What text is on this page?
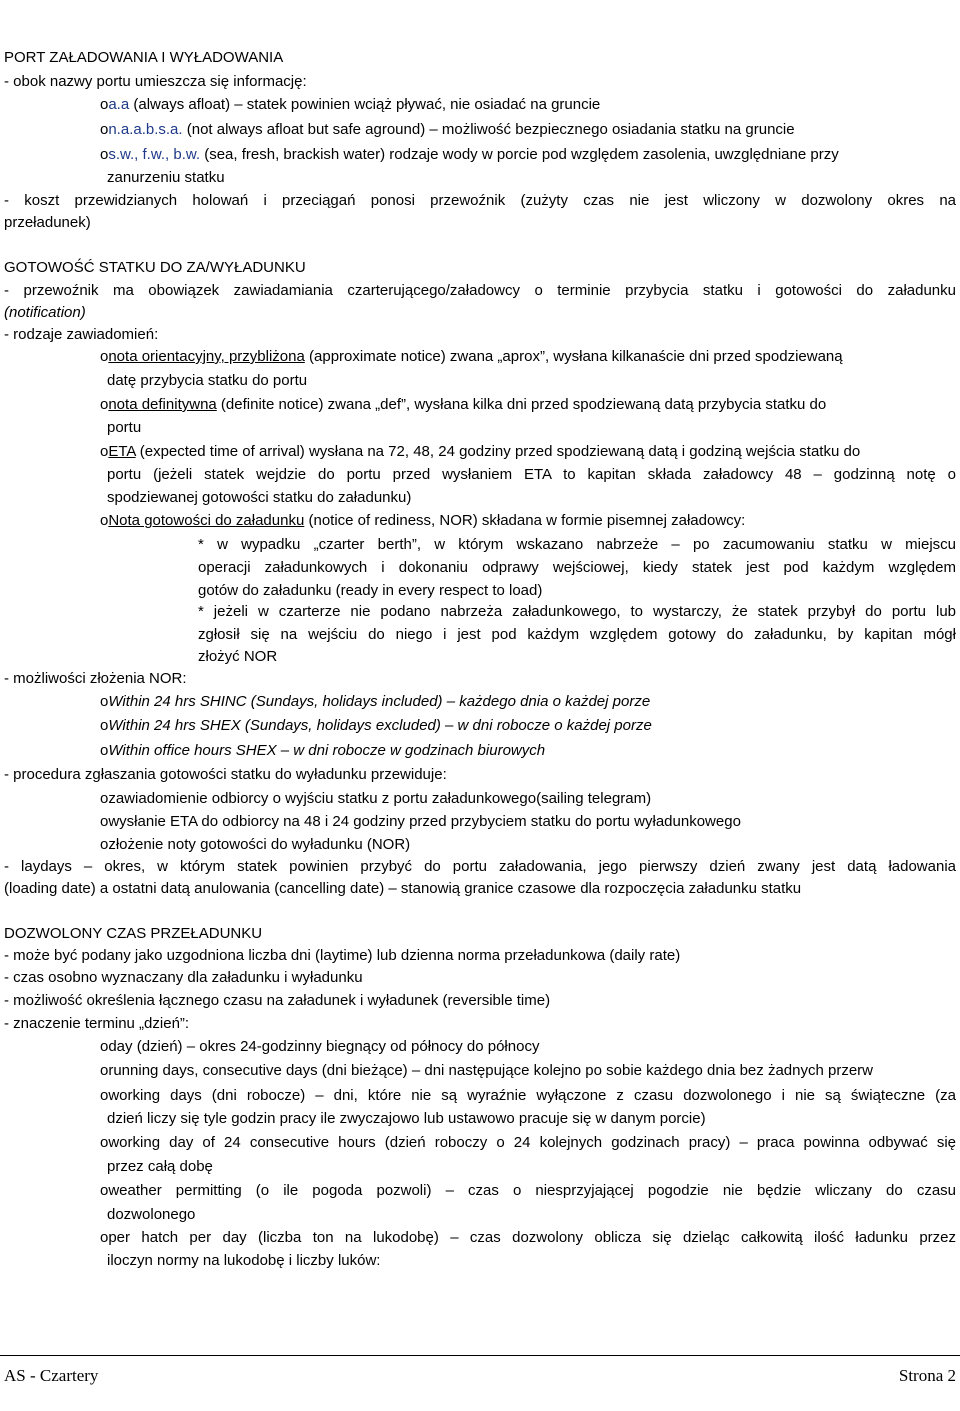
PORT ZAŁADOWANIA I WYŁADOWANIA
- obok nazwy portu umieszcza się informację:
oa.a (always afloat) – statek powinien wciąż pływać, nie osiadać na gruncie
on.a.a.b.s.a. (not always afloat but safe aground) – możliwość bezpiecznego osiadania statku na gruncie
os.w., f.w., b.w. (sea, fresh, brackish water) rodzaje wody w porcie pod względem zasolenia, uwzględniane przy
zanurzeniu statku
- koszt przewidzianych holowań i przeciągań ponosi przewoźnik (zużyty czas nie jest wliczony w dozwolony okres na
przeładunek)
GOTOWOŚĆ STATKU DO ZA/WYŁADUNKU
- przewoźnik ma obowiązek zawiadamiania czarterującego/załadowcy o terminie przybycia statku i gotowości do załadunku
(notification)
- rodzaje zawiadomień:
onota orientacyjny, przybliżona (approximate notice) zwana „aprox”, wysłana kilkanaście dni przed spodziewaną
datę przybycia statku do portu
onota definitywna (definite notice) zwana „def”, wysłana kilka dni przed spodziewaną datą przybycia statku do
portu
oETA (expected time of arrival) wysłana na 72, 48, 24 godziny przed spodziewaną datą i godziną wejścia statku do
portu (jeżeli statek wejdzie do portu przed wysłaniem ETA to kapitan składa załadowcy 48 – godzinną notę o
spodziewanej gotowości statku do załadunku)
oNota gotowości do załadunku (notice of rediness, NOR) składana w formie pisemnej załadowcy:
* w wypadku „czarter berth”, w którym wskazano nabrzeże – po zacumowaniu statku w miejscu
operacji załadunkowych i dokonaniu odprawy wejściowej, kiedy statek jest pod każdym względem
gotów do załadunku (ready in every respect to load)
* jeżeli w czarterze nie podano nabrzeża załadunkowego, to wystarczy, że statek przybył do portu lub
zgłosił się na wejściu do niego i jest pod każdym względem gotowy do załadunku, by kapitan mógł
złożyć NOR
- możliwości złożenia NOR:
oWithin 24 hrs SHINC (Sundays, holidays included) – każdego dnia o każdej porze
oWithin 24 hrs SHEX (Sundays, holidays excluded) – w dni robocze o każdej porze
oWithin office hours SHEX – w dni robocze w godzinach biurowych
- procedura zgłaszania gotowości statku do wyładunku przewiduje:
ozawiadomienie odbiorcy o wyjściu statku z portu załadunkowego(sailing telegram)
owysłanie ETA do odbiorcy na 48 i 24 godziny przed przybyciem statku do portu wyładunkowego
ozłożenie noty gotowości do wyładunku (NOR)
- laydays – okres, w którym statek powinien przybyć do portu załadowania, jego pierwszy dzień zwany jest datą ładowania
(loading date) a ostatni datą anulowania (cancelling date) – stanowią granice czasowe dla rozpoczęcia załadunku statku
DOZWOLONY CZAS PRZEŁADUNKU
- może być podany jako uzgodniona liczba dni (laytime) lub dzienna norma przeładunkowa (daily rate)
- czas osobno wyznaczany dla załadunku i wyładunku
- możliwość określenia łącznego czasu na załadunek i wyładunek (reversible time)
- znaczenie terminu „dzień”:
oday (dzień) – okres 24-godzinny biegnący od północy do północy
orunning days, consecutive days (dni bieżące) – dni następujące kolejno po sobie każdego dnia bez żadnych przerw
oworking days (dni robocze) – dni, które nie są wyraźnie wyłączone z czasu dozwolonego i nie są świąteczne (za
dzień liczy się tyle godzin pracy ile zwyczajowo lub ustawowo pracuje się w danym porcie)
oworking day of 24 consecutive hours (dzień roboczy o 24 kolejnych godzinach pracy) – praca powinna odbywać się
przez całą dobę
oweather permitting (o ile pogoda pozwoli) – czas o niesprzyjającej pogodzie nie będzie wliczany do czasu
dozwolonego
oper hatch per day (liczba ton na lukodobę) – czas dozwolony oblicza się dzieląc całkowitą ilość ładunku przez
iloczyn normy na lukodobę i liczby luków:
AS - Czartery	Strona 2
